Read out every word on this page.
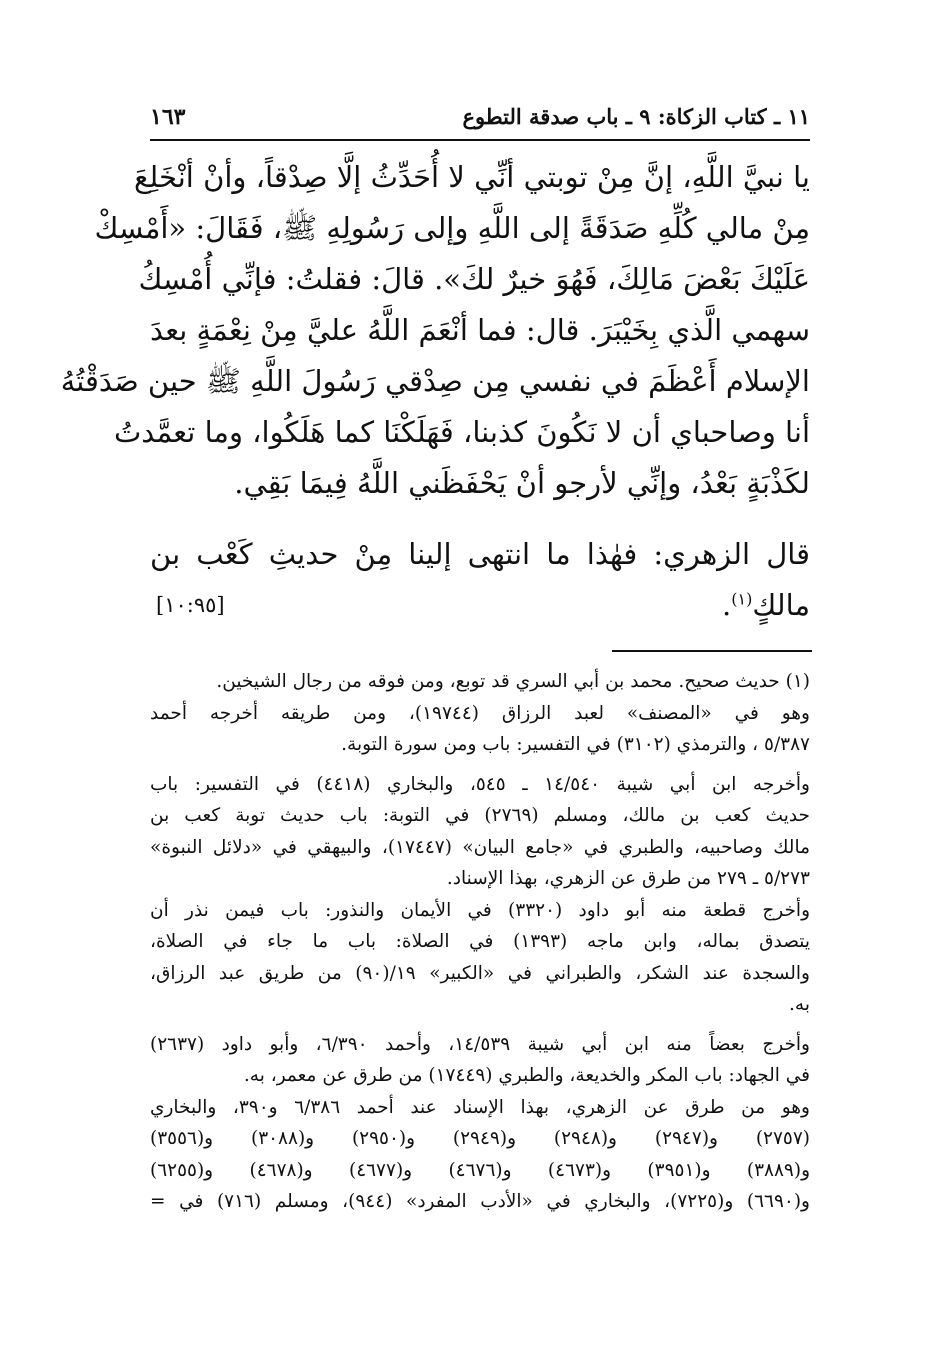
١١ ـ كتاب الزكاة: ٩ ـ باب صدقة التطوع
١٦٣
يا نبيَّ اللَّهِ، إنَّ مِنْ توبتي أنِّي لا أُحَدِّثُ إلَّا صِدْقاً، وأنْ أنْخَلِعَ
مِنْ مالي كُلِّهِ صَدَقَةً إلى اللَّهِ وإلى رَسُولِهِ ﷺ، فَقَالَ: «أَمْسِكْ
عَلَيْكَ بَعْضَ مَالِكَ، فَهُوَ خيرٌ لكَ». قالَ: فقلتُ: فإنِّي أُمْسِكُ
سهمي الَّذي بِخَيْبَرَ. قال: فما أنْعَمَ اللَّهُ عليَّ مِنْ نِعْمَةٍ بعدَ
الإسلام أَعْظَمَ في نفسي مِن صِدْقي رَسُولَ اللَّهِ ﷺ حين صَدَقْتُهُ
أنا وصاحباي أن لا نَكُونَ كذبنا، فَهَلَكْنَا كما هَلَكُوا، وما تعمَّدتُ
لكَذْبَةٍ بَعْدُ، وإنِّي لأرجو أنْ يَحْفَظَني اللَّهُ فِيمَا بَقِي.
قال الزهري: فهٰذا ما انتهى إلينا مِنْ حديثِ كَعْب بن
مالكٍ$^{(١)}$.
[١٠:٩٥]
(١) حديث صحيح. محمد بن أبي السري قد توبع، ومن فوقه من رجال الشيخين.
وهو في «المصنف» لعبد الرزاق (١٩٧٤٤)، ومن طريقه أخرجه أحمد
٥/٣٨٧ ، والترمذي (٣١٠٢) في التفسير: باب ومن سورة التوبة.
وأخرجه ابن أبي شيبة ١٤/٥٤٠ ـ ٥٤٥، والبخاري (٤٤١٨) في التفسير: باب
حديث كعب بن مالك، ومسلم (٢٧٦٩) في التوبة: باب حديث توبة كعب بن
مالك وصاحبيه، والطبري في «جامع البيان» (١٧٤٤٧)، والبيهقي في «دلائل النبوة»
٥/٢٧٣ ـ ٢٧٩ من طرق عن الزهري، بهذا الإسناد.
وأخرج قطعة منه أبو داود (٣٣٢٠) في الأيمان والنذور: باب فيمن نذر أن
يتصدق بماله، وابن ماجه (١٣٩٣) في الصلاة: باب ما جاء في الصلاة،
والسجدة عند الشكر، والطبراني في «الكبير» ١٩/(٩٠) من طريق عبد الرزاق،
به.
وأخرج بعضاً منه ابن أبي شيبة ١٤/٥٣٩، وأحمد ٦/٣٩٠، وأبو داود (٢٦٣٧)
في الجهاد: باب المكر والخديعة، والطبري (١٧٤٤٩) من طرق عن معمر، به.
وهو من طرق عن الزهري، بهذا الإسناد عند أحمد ٦/٣٨٦ و٣٩٠، والبخاري
(٢٧٥٧) و(٢٩٤٧) و(٢٩٤٨) و(٢٩٤٩) و(٢٩٥٠) و(٣٠٨٨) و(٣٥٥٦)
و(٣٨٨٩) و(٣٩٥١) و(٤٦٧٣) و(٤٦٧٦) و(٤٦٧٧) و(٤٦٧٨) و(٦٢٥٥)
و(٦٦٩٠) و(٧٢٢٥)، والبخاري في «الأدب المفرد» (٩٤٤)، ومسلم (٧١٦) في =
